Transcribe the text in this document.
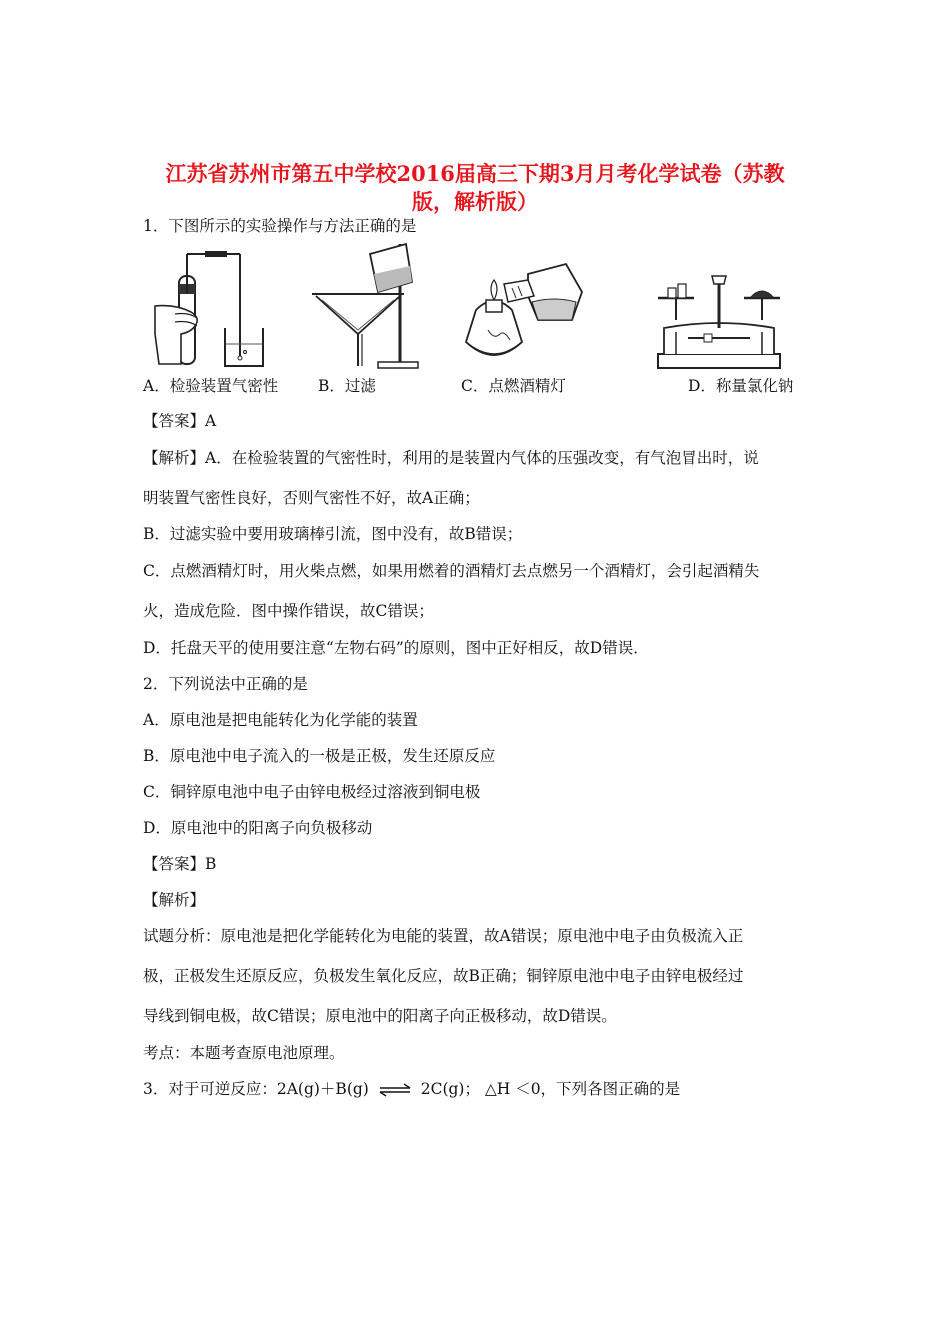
江苏省苏州市第五中学校2016届高三下期3月月考化学试卷（苏教
版，解析版）
1．下图所示的实验操作与方法正确的是
A．检验装置气密性	B．过滤	C．点燃酒精灯	D．称量氯化钠
【答案】A
【解析】A．在检验装置的气密性时，利用的是装置内气体的压强改变，有气泡冒出时，说
明装置气密性良好，否则气密性不好，故A正确；
B．过滤实验中要用玻璃棒引流，图中没有，故B错误；
C．点燃酒精灯时，用火柴点燃，如果用燃着的酒精灯去点燃另一个酒精灯，会引起酒精失
火，造成危险．图中操作错误，故C错误；
D．托盘天平的使用要注意“左物右码”的原则，图中正好相反，故D错误．
2．下列说法中正确的是
A．原电池是把电能转化为化学能的装置
B．原电池中电子流入的一极是正极，发生还原反应
C．铜锌原电池中电子由锌电极经过溶液到铜电极
D．原电池中的阳离子向负极移动
【答案】B
【解析】
试题分析：原电池是把化学能转化为电能的装置，故A错误；原电池中电子由负极流入正
极，正极发生还原反应，负极发生氧化反应，故B正确；铜锌原电池中电子由锌电极经过
导线到铜电极，故C错误；原电池中的阳离子向正极移动，故D错误。
考点：本题考查原电池原理。
3．对于可逆反应：2A(g)＋B(g) ⇌ 2C(g)； △H ＜0，下列各图正确的是
